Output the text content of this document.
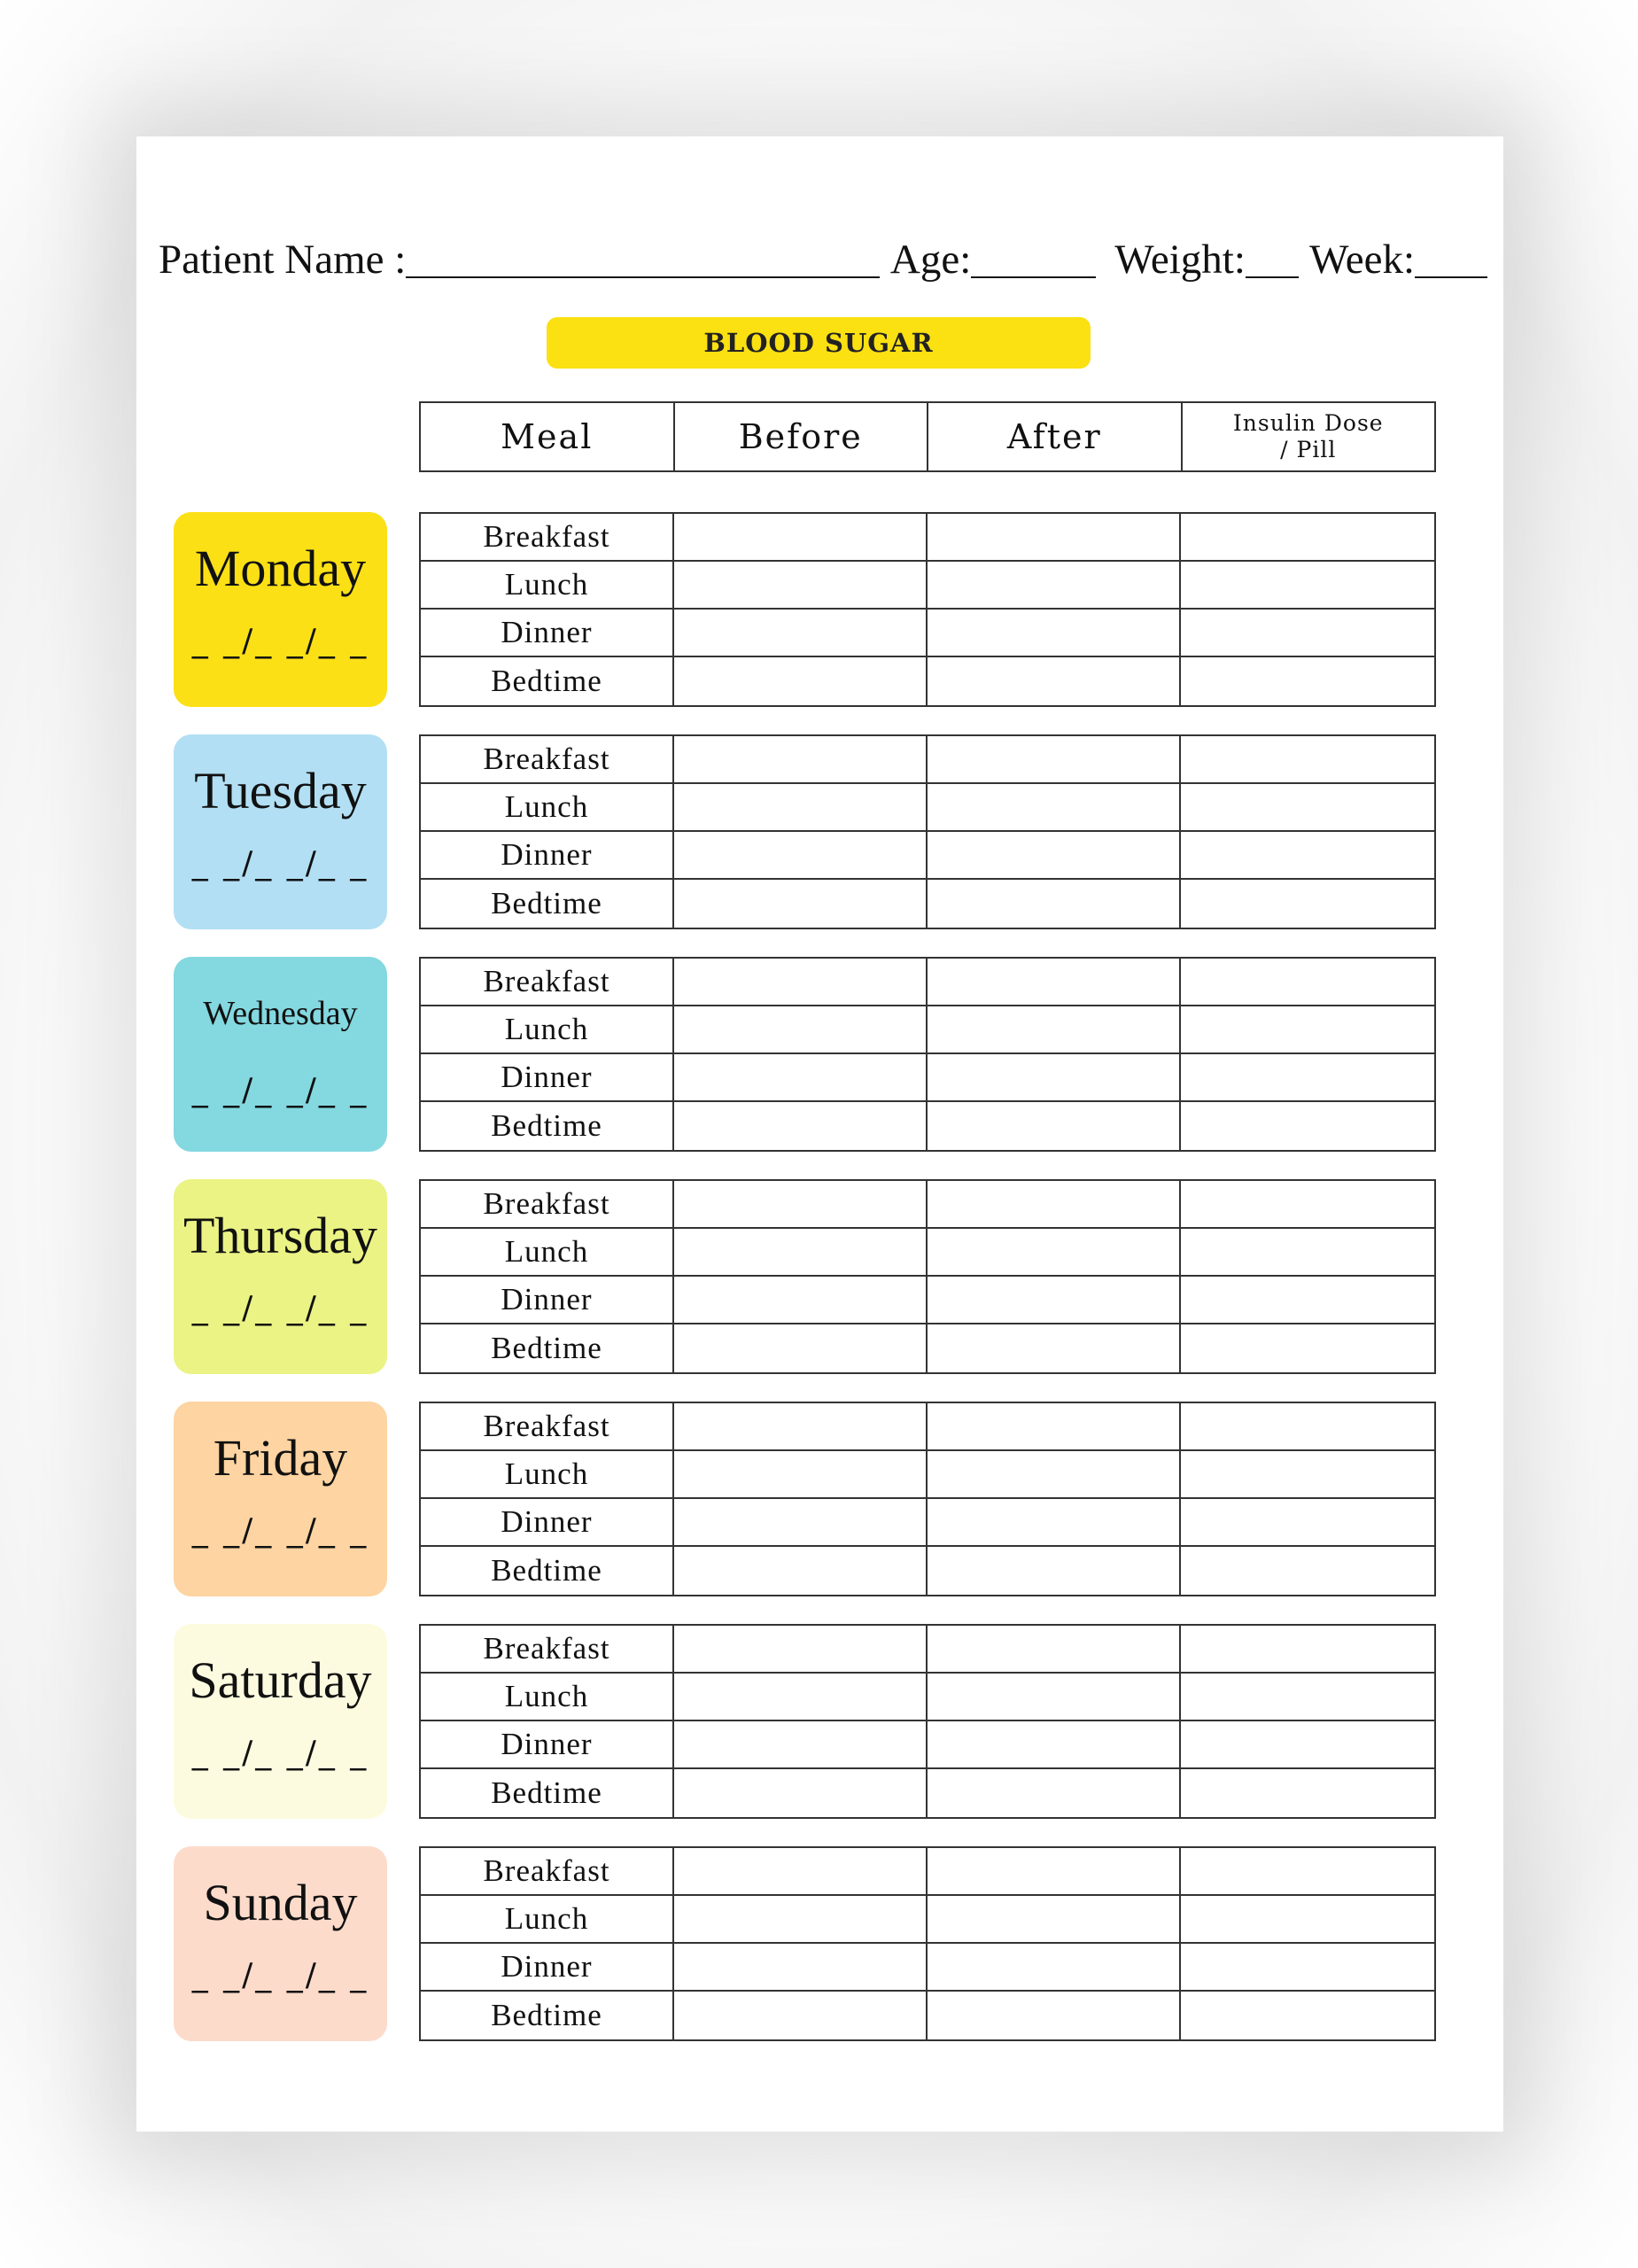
Patient Name :	Age:	Weight: Week:
BLOOD SUGAR
Meal	Before	After	Insulin Dose
/ Pill
Monday
_ _/_ _/_ _
Breakfast
Lunch
Dinner
Bedtime
Tuesday
_ _/_ _/_ _
Breakfast
Lunch
Dinner
Bedtime
Wednesday
_ _/_ _/_ _
Breakfast
Lunch
Dinner
Bedtime
Thursday
_ _/_ _/_ _
Breakfast
Lunch
Dinner
Bedtime
Friday
_ _/_ _/_ _
Breakfast
Lunch
Dinner
Bedtime
Saturday
_ _/_ _/_ _
Breakfast
Lunch
Dinner
Bedtime
Sunday
_ _/_ _/_ _
Breakfast
Lunch
Dinner
Bedtime
